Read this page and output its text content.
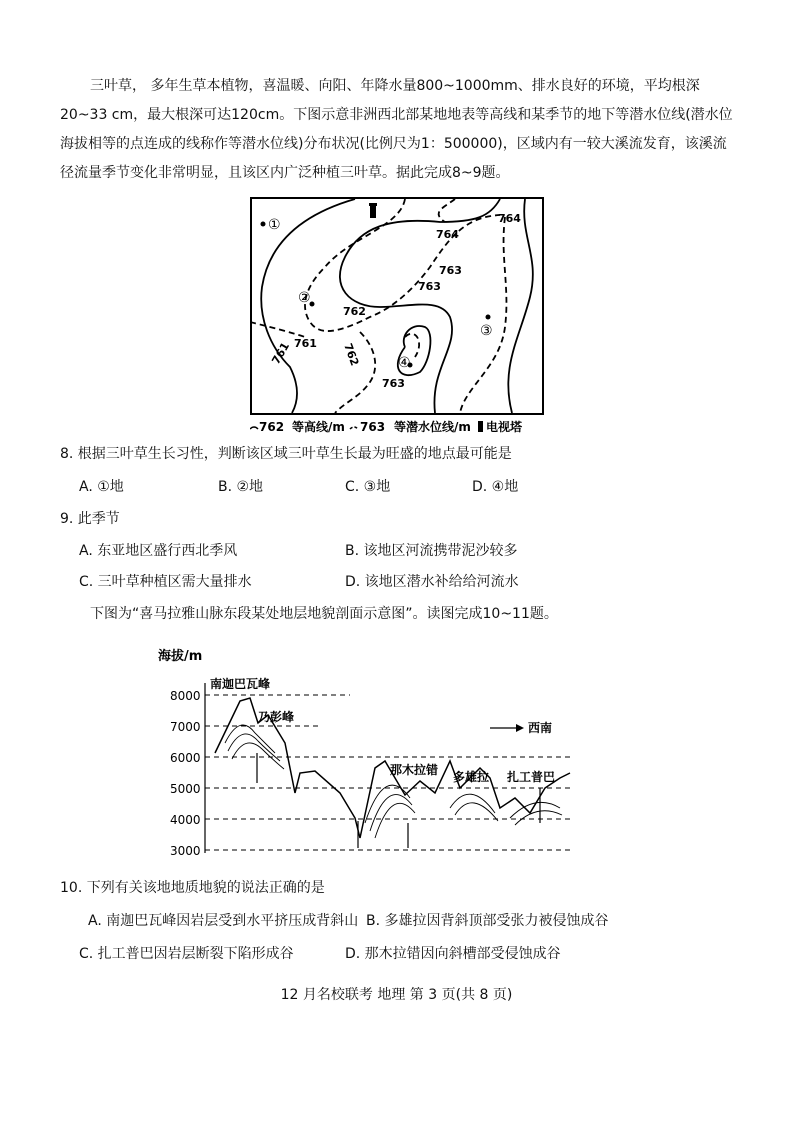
三叶草， 多年生草本植物，喜温暖、向阳、年降水量800~1000mm、排水良好的环境，平均根深20~33 cm，最大根深可达120cm。下图示意非洲西北部某地地表等高线和某季节的地下等潜水位线(潜水位海拔相等的点连成的线称作等潜水位线)分布状况(比例尺为1：500000)，区域内有一较大溪流发育，该溪流径流量季节变化非常明显，且该区内广泛种植三叶草。据此完成8~9题。
①
②
③
④
764
764
763
763
762
762
761
761
763
762 等高线/m 763 等潜水位线/m 电视塔
8. 根据三叶草生长习性，判断该区域三叶草生长最为旺盛的地点最可能是
A. ①地	B. ②地	C. ③地	D. ④地
9. 此季节
A. 东亚地区盛行西北季风	B. 该地区河流携带泥沙较多
C. 三叶草种植区需大量排水	D. 该地区潜水补给给河流水
下图为“喜马拉雅山脉东段某处地层地貌剖面示意图”。读图完成10~11题。
海拔/m
8000
7000
6000
5000
4000
3000
南迦巴瓦峰
乃彭峰
那木拉错 多雄拉 扎工普巴
西南
10. 下列有关该地地质地貌的说法正确的是
A. 南迦巴瓦峰因岩层受到水平挤压成背斜山 B. 多雄拉因背斜顶部受张力被侵蚀成谷
C. 扎工普巴因岩层断裂下陷形成谷	D. 那木拉错因向斜槽部受侵蚀成谷
12 月名校联考 地理 第 3 页(共 8 页)
